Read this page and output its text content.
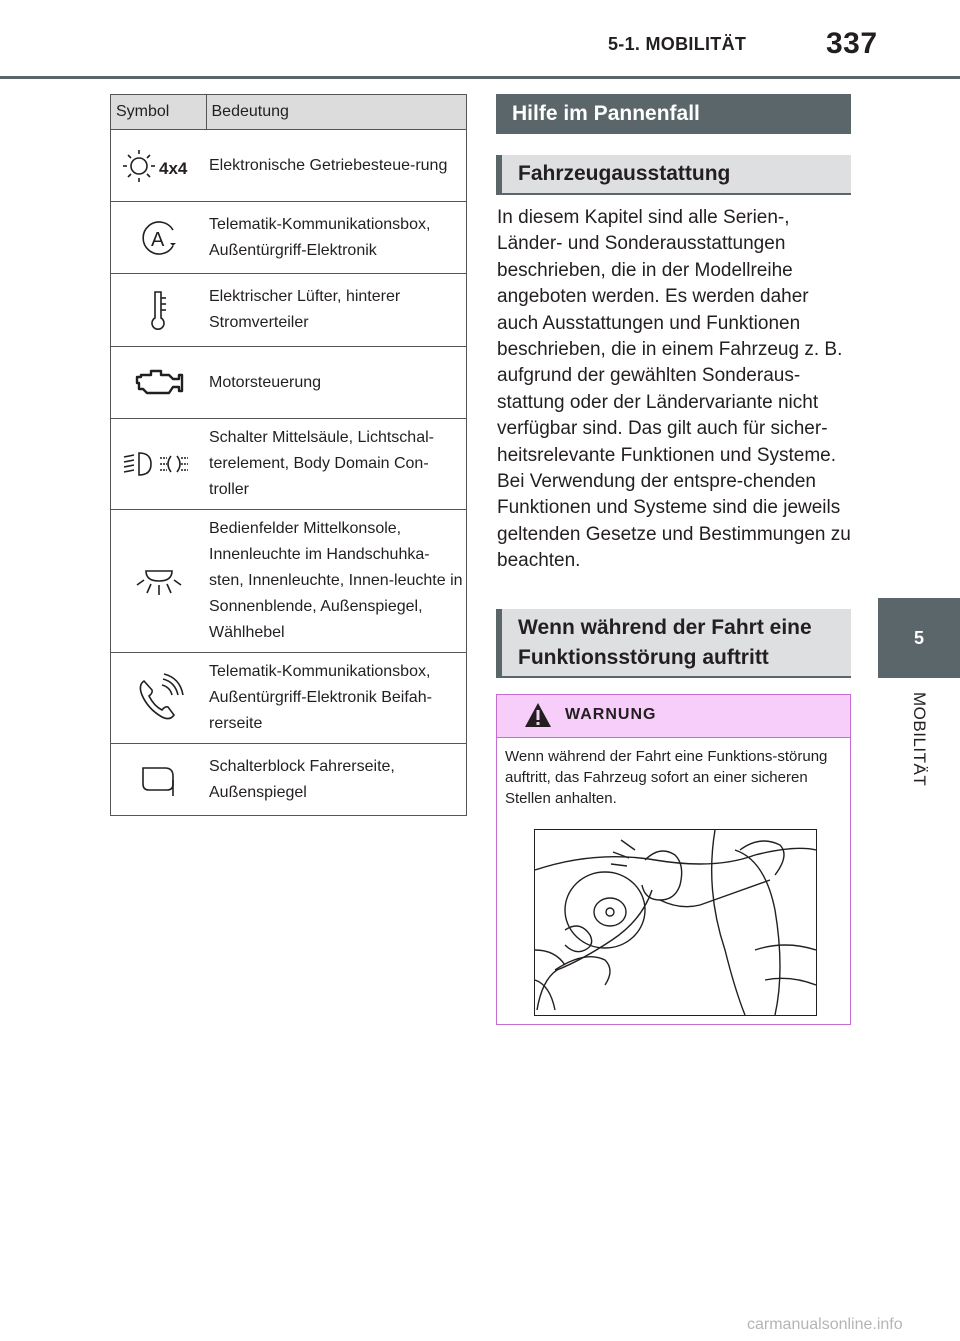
5-1. MOBILITÄT	337
5
MOBILITÄT
Symbol	Bedeutung

4x4	Elektronische Getriebesteue-rung

A	Telematik-Kommunikationsbox, Außentürgriff-Elektronik
	Elektrischer Lüfter, hinterer Stromverteiler
	Motorsteuerung
	Schalter Mittelsäule, Lichtschal-terelement, Body Domain Con-troller
	Bedienfelder Mittelkonsole, Innenleuchte im Handschuhka-sten, Innenleuchte, Innen-leuchte in Sonnenblende, Außenspiegel, Wählhebel
	Telematik-Kommunikationsbox, Außentürgriff-Elektronik Beifah-rerseite
	Schalterblock Fahrerseite, Außenspiegel
Hilfe im Pannenfall
Fahrzeugausstattung
In diesem Kapitel sind alle Serien-, Länder- und Sonderausstattungen beschrieben, die in der Modellreihe angeboten werden. Es werden daher auch Ausstattungen und Funktionen beschrieben, die in einem Fahrzeug z. B. aufgrund der gewählten Sonderaus-stattung oder der Ländervariante nicht verfügbar sind. Das gilt auch für sicher-heitsrelevante Funktionen und Systeme. Bei Verwendung der entspre-chenden Funktionen und Systeme sind die jeweils geltenden Gesetze und Bestimmungen zu beachten.
Wenn während der Fahrt eine
Funktionsstörung auftritt
WARNUNG
Wenn während der Fahrt eine Funktions-störung auftritt, das Fahrzeug sofort an einer sicheren Stellen anhalten.
carmanualsonline.info
